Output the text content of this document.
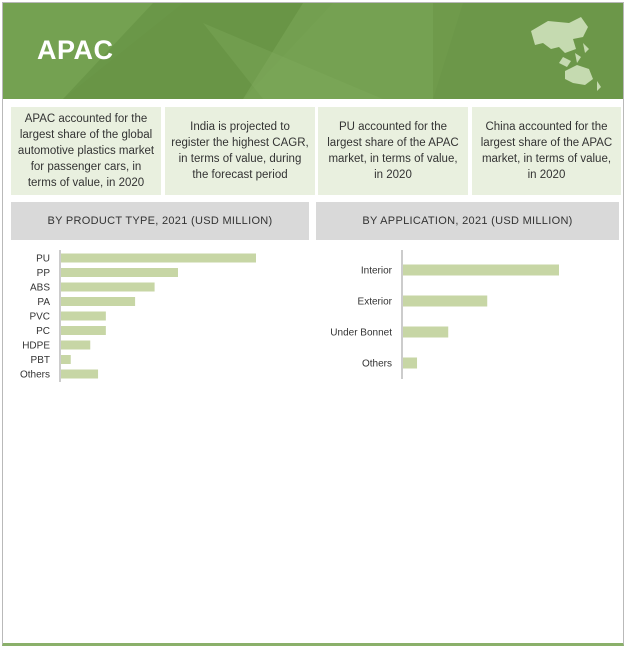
APAC
APAC accounted for the largest share of the global automotive plastics market for passenger cars, in terms of value, in 2020
India is projected to register the highest CAGR, in terms of value, during the forecast period
PU accounted for the largest share of the APAC market, in terms of value, in 2020
China accounted for the largest share of the APAC market, in terms of value, in 2020
BY PRODUCT TYPE, 2021 (USD MILLION)	BY APPLICATION, 2021 (USD MILLION)
PU
PP
ABS
PA
PVC
PC
HDPE
PBT
Others
Interior
Exterior
Under Bonnet
Others
